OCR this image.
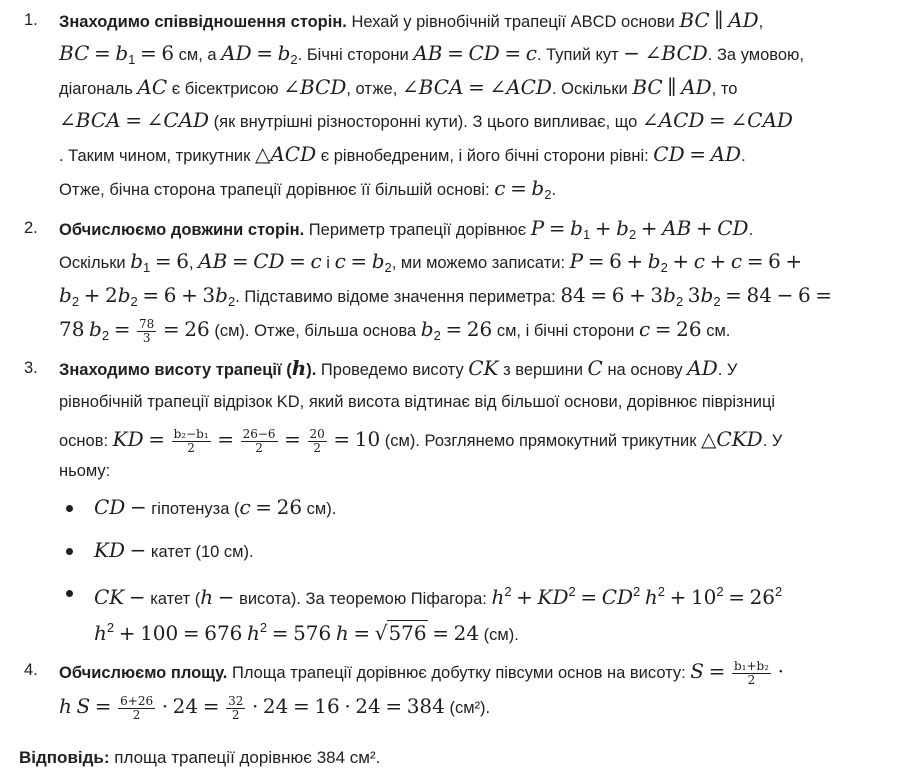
1. Знаходимо співвідношення сторін. Нехай у рівнобічній трапеції ABCD основи BC ∥ AD,
BC = $b_1 = 6$ см, а AD = $b_2$. Бічні сторони AB = CD = c. Тупий кут − ∠BCD. За умовою,
діагональ AC є бісектрисою ∠BCD, отже, ∠BCA = ∠ACD. Оскільки BC ∥ AD, то
∠BCA = ∠CAD (як внутрішні різносторонні кути). З цього випливає, що ∠ACD = ∠CAD
. Таким чином, трикутник △ACD є рівнобедреним, і його бічні сторони рівні: CD = AD.
Отже, бічна сторона трапеції дорівнює її більшій основі: $c = b_2$.
2. Обчислюємо довжини сторін. Периметр трапеції дорівнює $P = b_1 + b_2$ + AB + CD.
Оскільки $b_1 = 6$, AB = CD = c і $c = b_2$, ми можемо записати: $P = 6 + b_2 + c + c = 6$ +
$b_2 + 2b_2 = 6 + 3b_2$. Підставимо відоме значення периметра: $84 = 6 + 3b_2$ $3b_2 = 84 - 6$ =
78 $b_2 = \frac{78}{3} = 26$ (см). Отже, більша основа $b_2 = 26$ см, і бічні сторони c = 26 см.
3. Знаходимо висоту трапеції (h). Проведемо висоту CK з вершини C на основу AD. У
рівнобічній трапеції відрізок KD, який висота відтинає від більшої основи, дорівнює піврізниці
основ: KD = $\frac{\text{b₂−b₁}}{2} = \frac{26-6}{2} = \frac{20}{2} = 10$ (см). Розглянемо прямокутний трикутник △CKD. У
ньому:
CD − гіпотенуза (c = 26 см).
KD − катет (10 см).
CK − катет (h − висота). За теоремою Піфагора: $h^2 + KD^2 = CD^2$ $h^2 + 10^2 = 26^2$
$h^2 + 100 = 676$ $h^2 = 576$ h = √576 = 24 (см).
4. Обчислюємо площу. Площа трапеції дорівнює добутку півсуми основ на висоту: $S = \frac{\text{b₁+b₂}}{2}$ ·
h $S = \frac{6+26}{2} \cdot 24 = \frac{32}{2} \cdot 24 = 16 \cdot 24 = 384$ (см²).
Відповідь: площа трапеції дорівнює 384 см².
